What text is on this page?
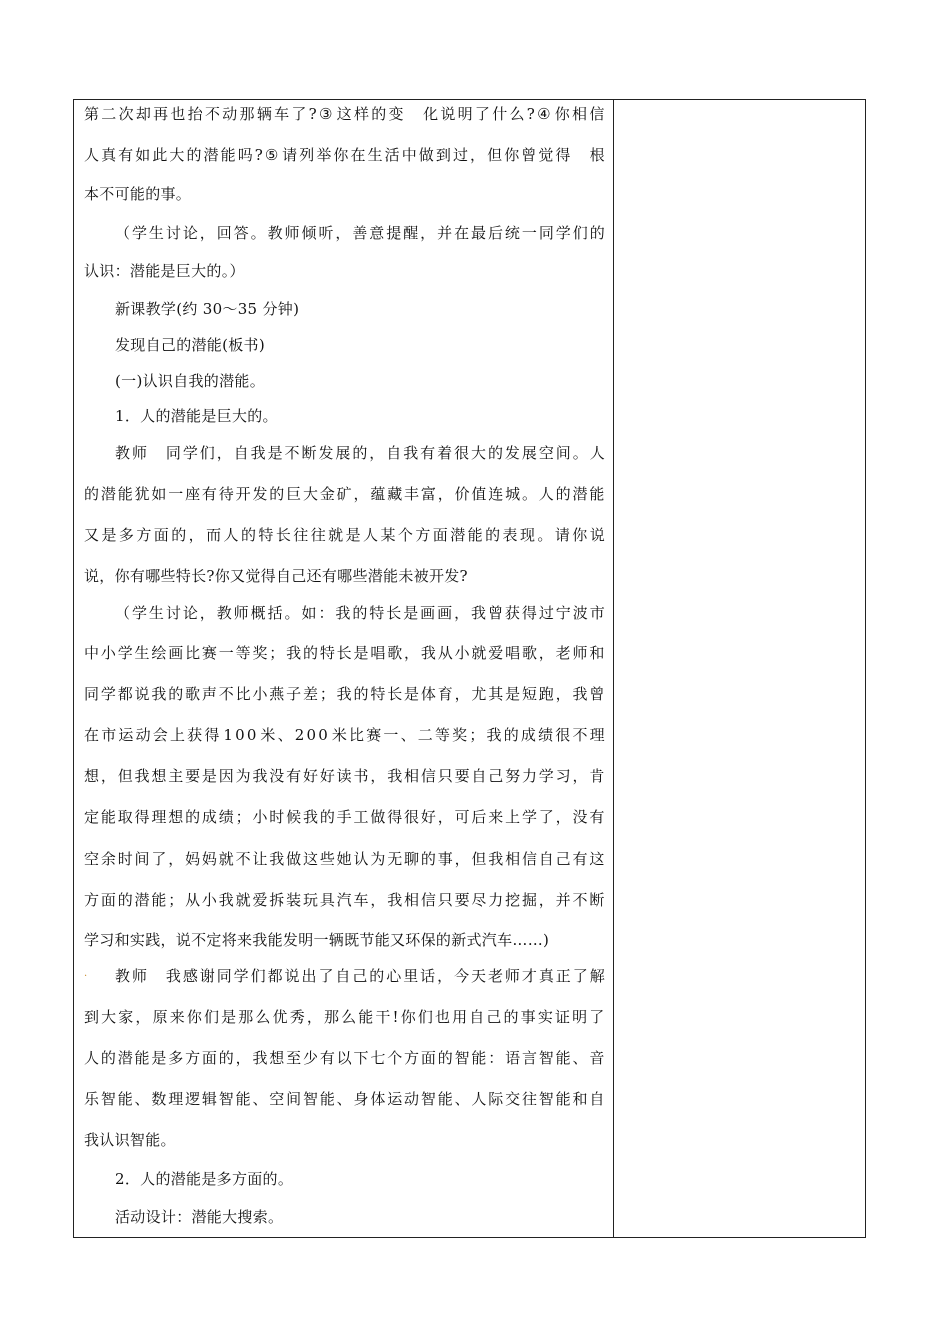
第 二 次 却 再 也 抬 不 动 那 辆 车 了 ? ③ 这 样 的 变
　 化 说 明 了 什 么 ? ④ 你 相 信
人 真 有 如 此 大 的 潜 能 吗 ? ⑤ 请 列 举 你 在 生 活 中 做 到 过 ， 但 你 曾 觉 得
　 根
本不可能的事。
（ 学 生 讨 论 ， 回 答 。 教 师 倾 听 ， 善 意 提 醒 ， 并 在 最 后 统 一 同 学 们 的
认识：潜能是巨大的。）
新课教学(约 30～35 分钟)
发现自己的潜能(板书)
(一)认识自我的潜能。
1．人的潜能是巨大的。
教 师
　 同 学 们 ， 自 我 是 不 断 发 展 的 ， 自 我 有 着 很 大 的 发 展 空 间 。 人
的 潜 能 犹 如 一 座 有 待 开 发 的 巨 大 金 矿 ， 蕴 藏 丰 富 ， 价 值 连 城 。 人 的 潜 能
又 是 多 方 面 的 ， 而 人 的 特 长 往 往 就 是 人 某 个 方 面 潜 能 的 表 现 。 请 你 说
说，你有哪些特长?你又觉得自己还有哪些潜能未被开发?
（ 学 生 讨 论 ， 教 师 概 括 。 如 ： 我 的 特 长 是 画 画 ， 我 曾 获 得 过 宁 波 市
中 小 学 生 绘 画 比 赛 一 等 奖 ； 我 的 特 长 是 唱 歌 ， 我 从 小 就 爱 唱 歌 ， 老 师 和
同 学 都 说 我 的 歌 声 不 比 小 燕 子 差 ； 我 的 特 长 是 体 育 ， 尤 其 是 短 跑 ， 我 曾
在 市 运 动 会 上 获 得 1 0 0 米 、 2 0 0 米 比 赛 一 、 二 等 奖 ； 我 的 成 绩 很 不 理
想 ， 但 我 想 主 要 是 因 为 我 没 有 好 好 读 书 ， 我 相 信 只 要 自 己 努 力 学 习 ， 肯
定 能 取 得 理 想 的 成 绩 ； 小 时 候 我 的 手 工 做 得 很 好 ， 可 后 来 上 学 了 ， 没 有
空 余 时 间 了 ， 妈 妈 就 不 让 我 做 这 些 她 认 为 无 聊 的 事 ， 但 我 相 信 自 己 有 这
方 面 的 潜 能 ； 从 小 我 就 爱 拆 装 玩 具 汽 车 ， 我 相 信 只 要 尽 力 挖 掘 ， 并 不 断
学习和实践，说不定将来我能发明一辆既节能又环保的新式汽车……)
教 师
　 我 感 谢 同 学 们 都 说 出 了 自 己 的 心 里 话 ， 今 天 老 师 才 真 正 了 解
到 大 家 ， 原 来 你 们 是 那 么 优 秀 ， 那 么 能 干 ! 你 们 也 用 自 己 的 事 实 证 明 了
人 的 潜 能 是 多 方 面 的 ， 我 想 至 少 有 以 下 七 个 方 面 的 智 能 ： 语 言 智 能 、 音
乐 智 能 、 数 理 逻 辑 智 能 、 空 间 智 能 、 身 体 运 动 智 能 、 人 际 交 往 智 能 和 自
我认识智能。
2．人的潜能是多方面的。
活动设计：潜能大搜索。
.
